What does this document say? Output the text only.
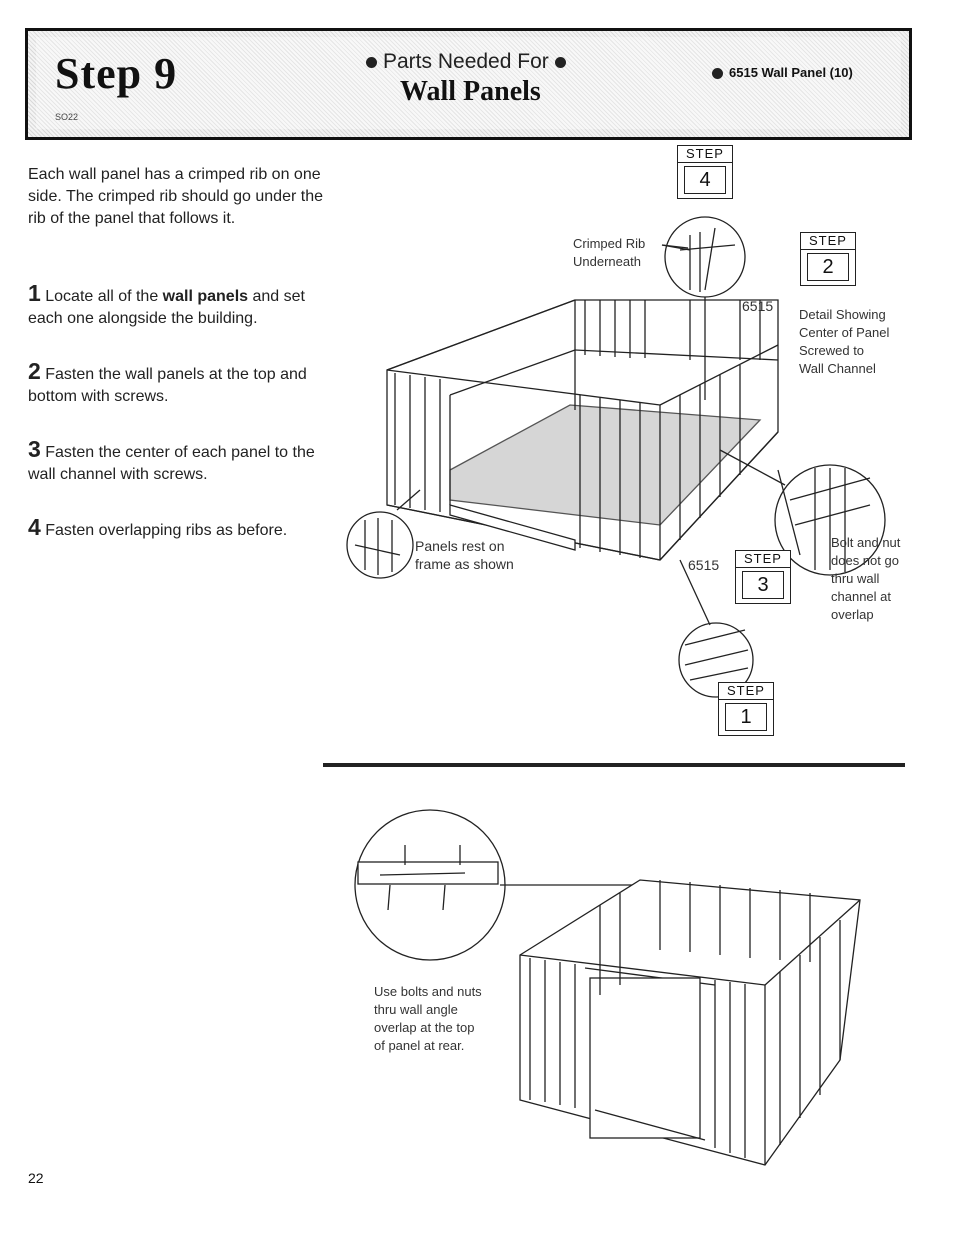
Step 9
SO22
Parts Needed For
Wall Panels
6515 Wall Panel (10)
Each wall panel has a crimped rib on one side. The crimped rib should go under the rib of the panel that follows it.
1 Locate all of the wall panels and set each one alongside the building.
2 Fasten the wall panels at the top and bottom with screws.
3 Fasten the center of each panel to the wall channel with screws.
4 Fasten overlapping ribs as before.
STEP
4
STEP
2
STEP
3
STEP
1
Crimped Rib
Underneath
6515
Detail Showing
Center of Panel
Screwed to
Wall Channel
Panels rest on
frame as shown	6515
Bolt and nut
does not go
thru wall
channel at
overlap
Use bolts and nuts
thru wall angle
overlap at the top
of panel at rear.
22
